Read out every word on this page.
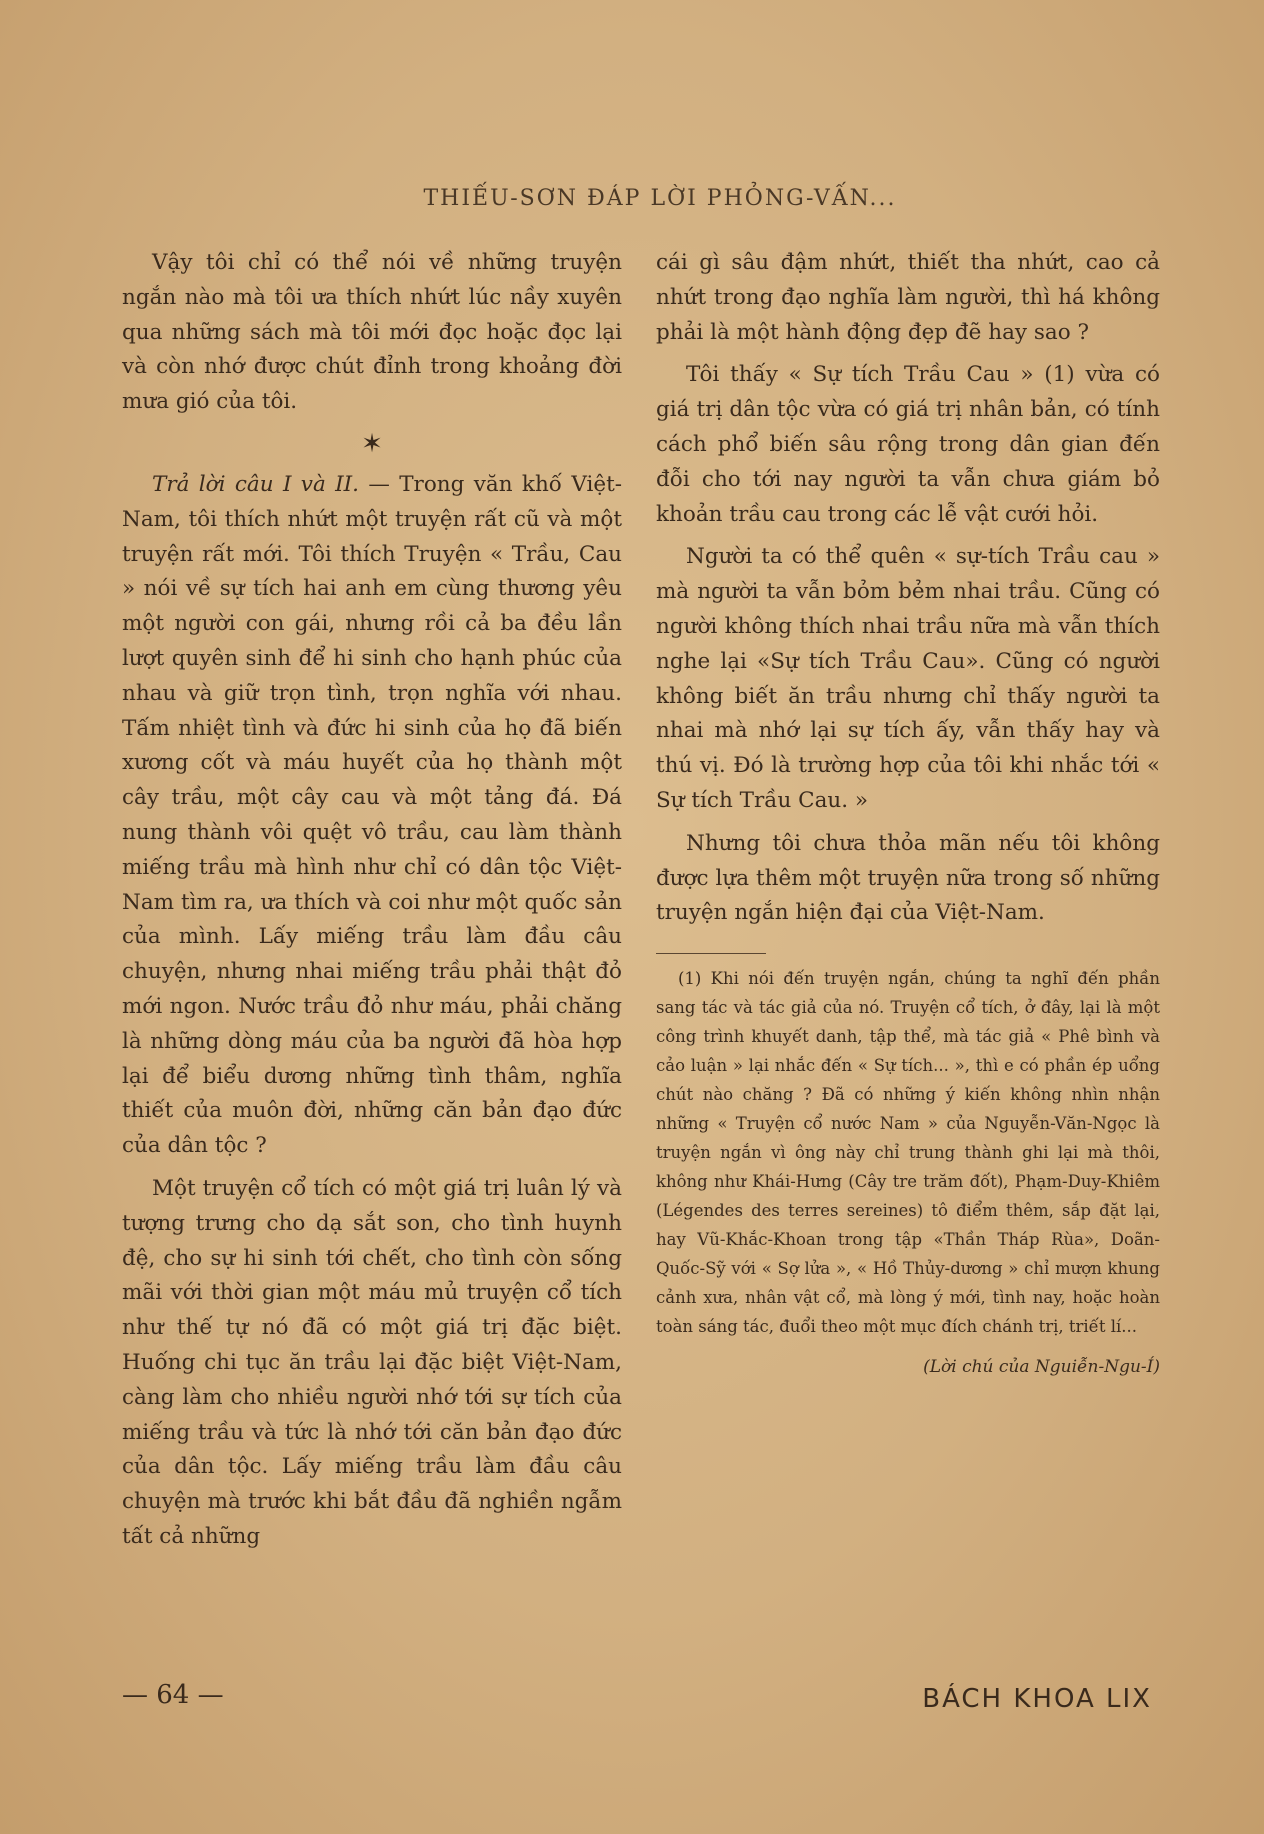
THIẾU-SƠN ĐÁP LỜI PHỎNG-VẤN...

Vậy tôi chỉ có thể nói về những truyện ngắn nào mà tôi ưa thích nhứt lúc nầy xuyên qua những sách mà tôi mới đọc hoặc đọc lại và còn nhớ được chút đỉnh trong khoảng đời mưa gió của tôi.

✶

Trả lời câu I và II. — Trong văn khố Việt-Nam, tôi thích nhứt một truyện rất cũ và một truyện rất mới. Tôi thích Truyện « Trầu, Cau » nói về sự tích hai anh em cùng thương yêu một người con gái, nhưng rồi cả ba đều lần lượt quyên sinh để hi sinh cho hạnh phúc của nhau và giữ trọn tình, trọn nghĩa với nhau. Tấm nhiệt tình và đức hi sinh của họ đã biến xương cốt và máu huyết của họ thành một cây trầu, một cây cau và một tảng đá. Đá nung thành vôi quệt vô trầu, cau làm thành miếng trầu mà hình như chỉ có dân tộc Việt-Nam tìm ra, ưa thích và coi như một quốc sản của mình. Lấy miếng trầu làm đầu câu chuyện, nhưng nhai miếng trầu phải thật đỏ mới ngon. Nước trầu đỏ như máu, phải chăng là những dòng máu của ba người đã hòa hợp lại để biểu dương những tình thâm, nghĩa thiết của muôn đời, những căn bản đạo đức của dân tộc ?

Một truyện cổ tích có một giá trị luân lý và tượng trưng cho dạ sắt son, cho tình huynh đệ, cho sự hi sinh tới chết, cho tình còn sống mãi với thời gian một máu mủ truyện cổ tích như thế tự nó đã có một giá trị đặc biệt. Huống chi tục ăn trầu lại đặc biệt Việt-Nam, càng làm cho nhiều người nhớ tới sự tích của miếng trầu và tức là nhớ tới căn bản đạo đức của dân tộc. Lấy miếng trầu làm đầu câu chuyện mà trước khi bắt đầu đã nghiền ngẫm tất cả những

cái gì sâu đậm nhứt, thiết tha nhứt, cao cả nhứt trong đạo nghĩa làm người, thì há không phải là một hành động đẹp đẽ hay sao ?

Tôi thấy « Sự tích Trầu Cau » (1) vừa có giá trị dân tộc vừa có giá trị nhân bản, có tính cách phổ biến sâu rộng trong dân gian đến đỗi cho tới nay người ta vẫn chưa giám bỏ khoản trầu cau trong các lễ vật cưới hỏi.

Người ta có thể quên « sự-tích Trầu cau » mà người ta vẫn bỏm bẻm nhai trầu. Cũng có người không thích nhai trầu nữa mà vẫn thích nghe lại «Sự tích Trầu Cau». Cũng có người không biết ăn trầu nhưng chỉ thấy người ta nhai mà nhớ lại sự tích ấy, vẫn thấy hay và thú vị. Đó là trường hợp của tôi khi nhắc tới « Sự tích Trầu Cau. »

Nhưng tôi chưa thỏa mãn nếu tôi không được lựa thêm một truyện nữa trong số những truyện ngắn hiện đại của Việt-Nam.

(1) Khi nói đến truyện ngắn, chúng ta nghĩ đến phần sang tác và tác giả của nó. Truyện cổ tích, ở đây, lại là một công trình khuyết danh, tập thể, mà tác giả « Phê bình và cảo luận » lại nhắc đến « Sự tích... », thì e có phần ép uổng chút nào chăng ? Đã có những ý kiến không nhìn nhận những « Truyện cổ nước Nam » của Nguyễn-Văn-Ngọc là truyện ngắn vì ông này chỉ trung thành ghi lại mà thôi, không như Khái-Hưng (Cây tre trăm đốt), Phạm-Duy-Khiêm (Légendes des terres sereines) tô điểm thêm, sắp đặt lại, hay Vũ-Khắc-Khoan trong tập «Thần Tháp Rùa», Doãn-Quốc-Sỹ với « Sợ lửa », « Hồ Thủy-dương » chỉ mượn khung cảnh xưa, nhân vật cổ, mà lòng ý mới, tình nay, hoặc hoàn toàn sáng tác, đuổi theo một mục đích chánh trị, triết lí...

(Lời chú của Nguiễn-Ngu-Í)
— 64 —	BÁCH KHOA LIX
